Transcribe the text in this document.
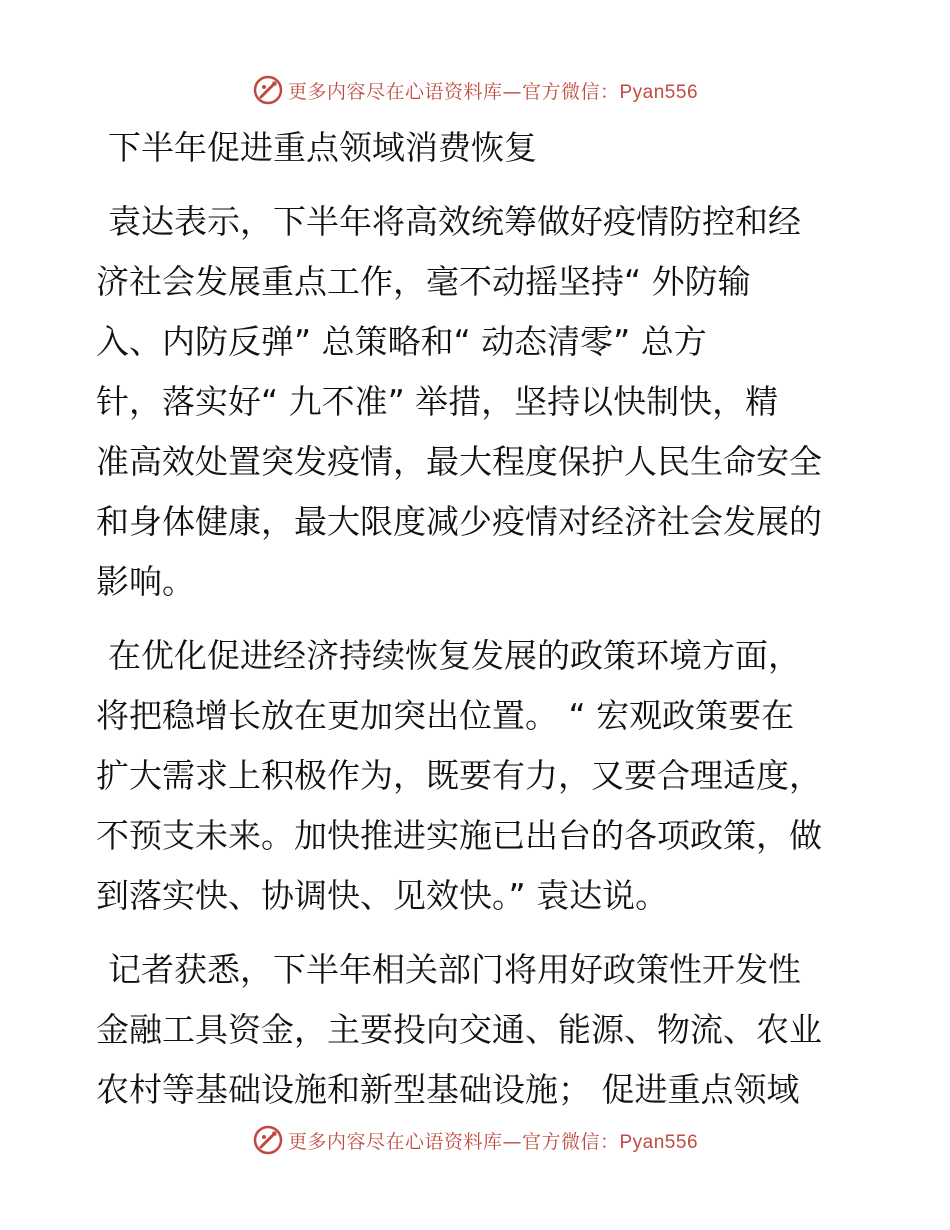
更多内容尽在心语资料库—官方微信：Pyan556
下半年促进重点领域消费恢复
袁达表示，下半年将高效统筹做好疫情防控和经
济社会发展重点工作，毫不动摇坚持“ 外防输
入、内防反弹” 总策略和“ 动态清零” 总方
针，落实好“ 九不准” 举措，坚持以快制快，精
准高效处置突发疫情，最大程度保护人民生命安全
和身体健康，最大限度减少疫情对经济社会发展的
影响。
在优化促进经济持续恢复发展的政策环境方面，
将把稳增长放在更加突出位置。 “ 宏观政策要在
扩大需求上积极作为，既要有力，又要合理适度，
不预支未来。加快推进实施已出台的各项政策，做
到落实快、协调快、见效快。” 袁达说。
记者获悉，下半年相关部门将用好政策性开发性
金融工具资金，主要投向交通、能源、物流、农业
农村等基础设施和新型基础设施； 促进重点领域
更多内容尽在心语资料库—官方微信：Pyan556
